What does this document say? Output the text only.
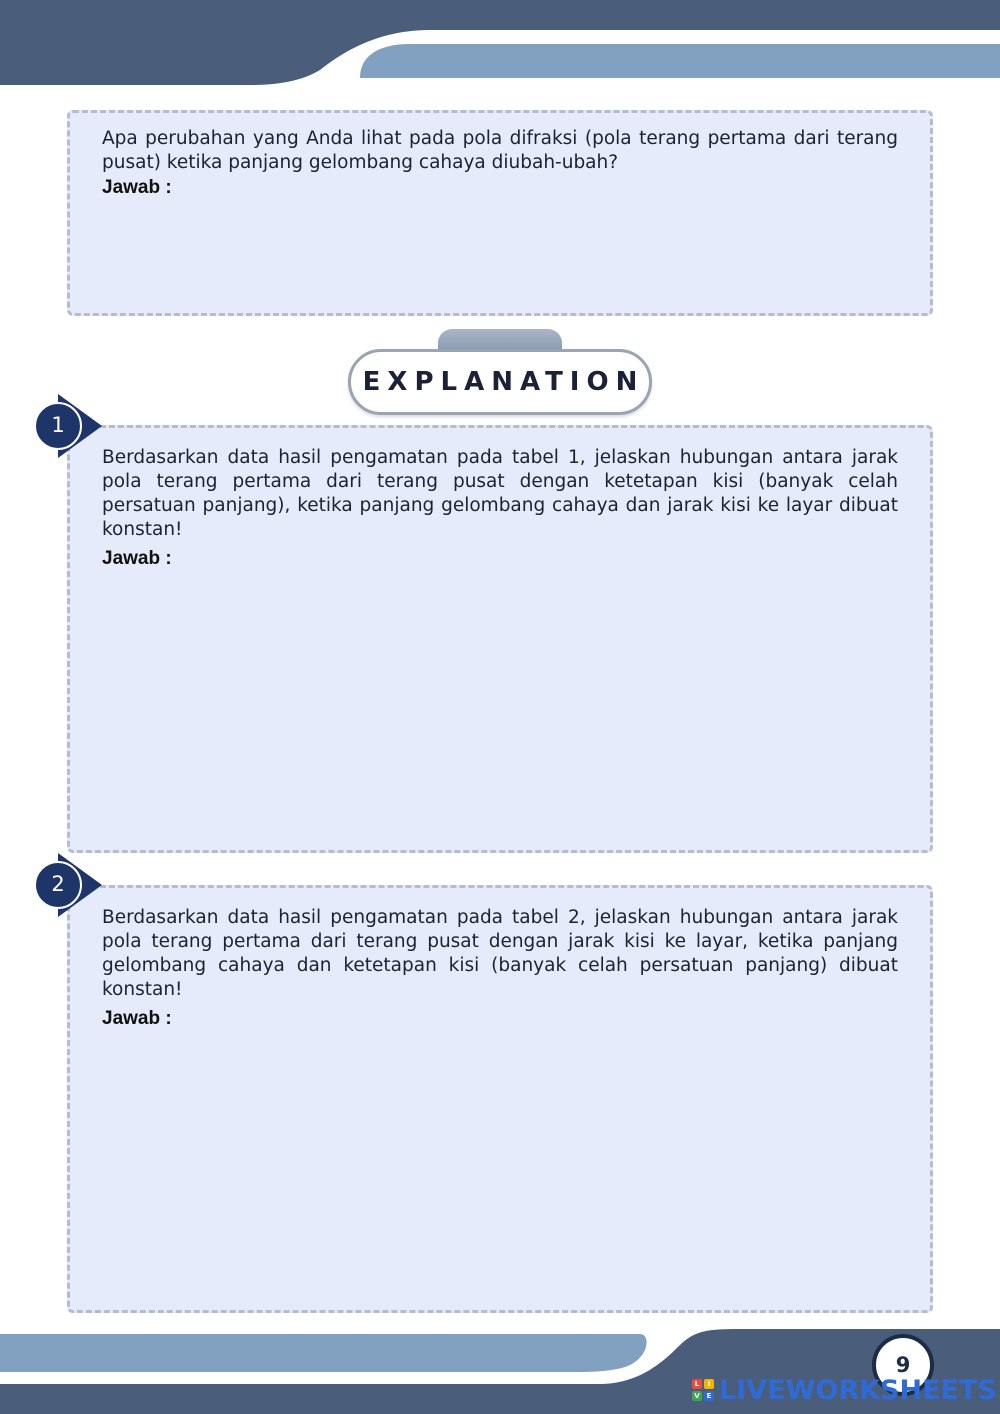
Apa perubahan yang Anda lihat pada pola difraksi (pola terang pertama dari terang pusat) ketika panjang gelombang cahaya diubah-ubah?
Jawab :
EXPLANATION
Berdasarkan data hasil pengamatan pada tabel 1, jelaskan hubungan antara jarak pola terang pertama dari terang pusat dengan ketetapan kisi (banyak celah persatuan panjang), ketika panjang gelombang cahaya dan jarak kisi ke layar dibuat konstan!
Jawab :
1
Berdasarkan data hasil pengamatan pada tabel 2, jelaskan hubungan antara jarak pola terang pertama dari terang pusat dengan jarak kisi ke layar, ketika panjang gelombang cahaya dan ketetapan kisi (banyak celah persatuan panjang) dibuat konstan!
Jawab :
2
9
L	I
V E LIVEWORKSHEETS
